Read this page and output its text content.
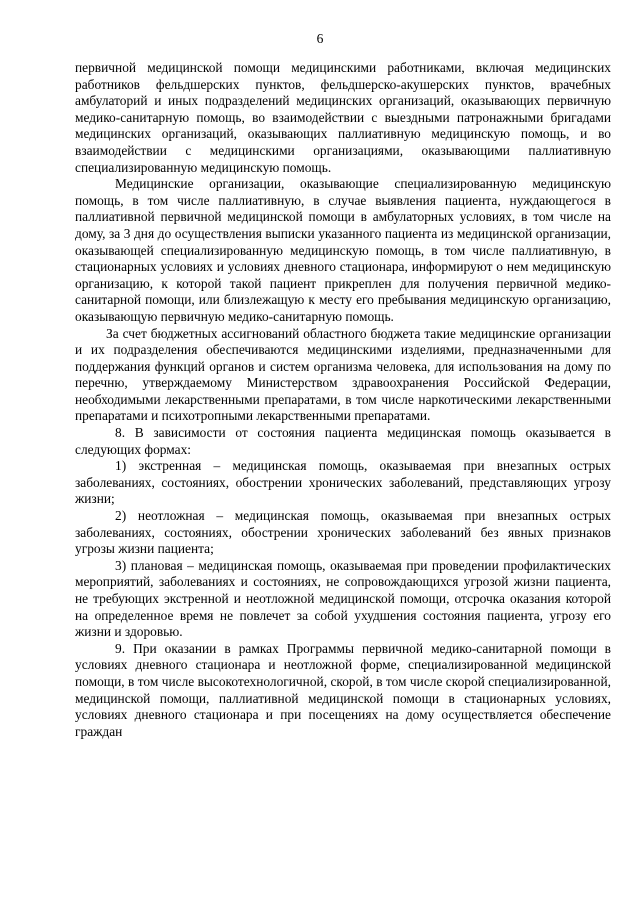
6

первичной медицинской помощи медицинскими работниками, включая медицинских работников фельдшерских пунктов, фельдшерско-акушерских пунктов, врачебных амбулаторий и иных подразделений медицинских организаций, оказывающих первичную медико-санитарную помощь, во взаимодействии с выездными патронажными бригадами медицинских организаций, оказывающих паллиативную медицинскую помощь, и во взаимодействии с медицинскими организациями, оказывающими паллиативную специализированную медицинскую помощь.

Медицинские организации, оказывающие специализированную медицинскую помощь, в том числе паллиативную, в случае выявления пациента, нуждающегося в паллиативной первичной медицинской помощи в амбулаторных условиях, в том числе на дому, за 3 дня до осуществления выписки указанного пациента из медицинской организации, оказывающей специализированную медицинскую помощь, в том числе паллиативную, в стационарных условиях и условиях дневного стационара, информируют о нем медицинскую организацию, к которой такой пациент прикреплен для получения первичной медико-санитарной помощи, или близлежащую к месту его пребывания медицинскую организацию, оказывающую первичную медико-санитарную помощь.

За счет бюджетных ассигнований областного бюджета такие медицинские организации и их подразделения обеспечиваются медицинскими изделиями, предназначенными для поддержания функций органов и систем организма человека, для использования на дому по перечню, утверждаемому Министерством здравоохранения Российской Федерации, необходимыми лекарственными препаратами, в том числе наркотическими лекарственными препаратами и психотропными лекарственными препаратами.

8. В зависимости от состояния пациента медицинская помощь оказывается в следующих формах:

1) экстренная – медицинская помощь, оказываемая при внезапных острых заболеваниях, состояниях, обострении хронических заболеваний, представляющих угрозу жизни;

2) неотложная – медицинская помощь, оказываемая при внезапных острых заболеваниях, состояниях, обострении хронических заболеваний без явных признаков угрозы жизни пациента;

3) плановая – медицинская помощь, оказываемая при проведении профилактических мероприятий, заболеваниях и состояниях, не сопровождающихся угрозой жизни пациента, не требующих экстренной и неотложной медицинской помощи, отсрочка оказания которой на определенное время не повлечет за собой ухудшения состояния пациента, угрозу его жизни и здоровью.

9. При оказании в рамках Программы первичной медико-санитарной помощи в условиях дневного стационара и неотложной форме, специализированной медицинской помощи, в том числе высокотехнологичной, скорой, в том числе скорой специализированной, медицинской помощи, паллиативной медицинской помощи в стационарных условиях, условиях дневного стационара и при посещениях на дому осуществляется обеспечение граждан
